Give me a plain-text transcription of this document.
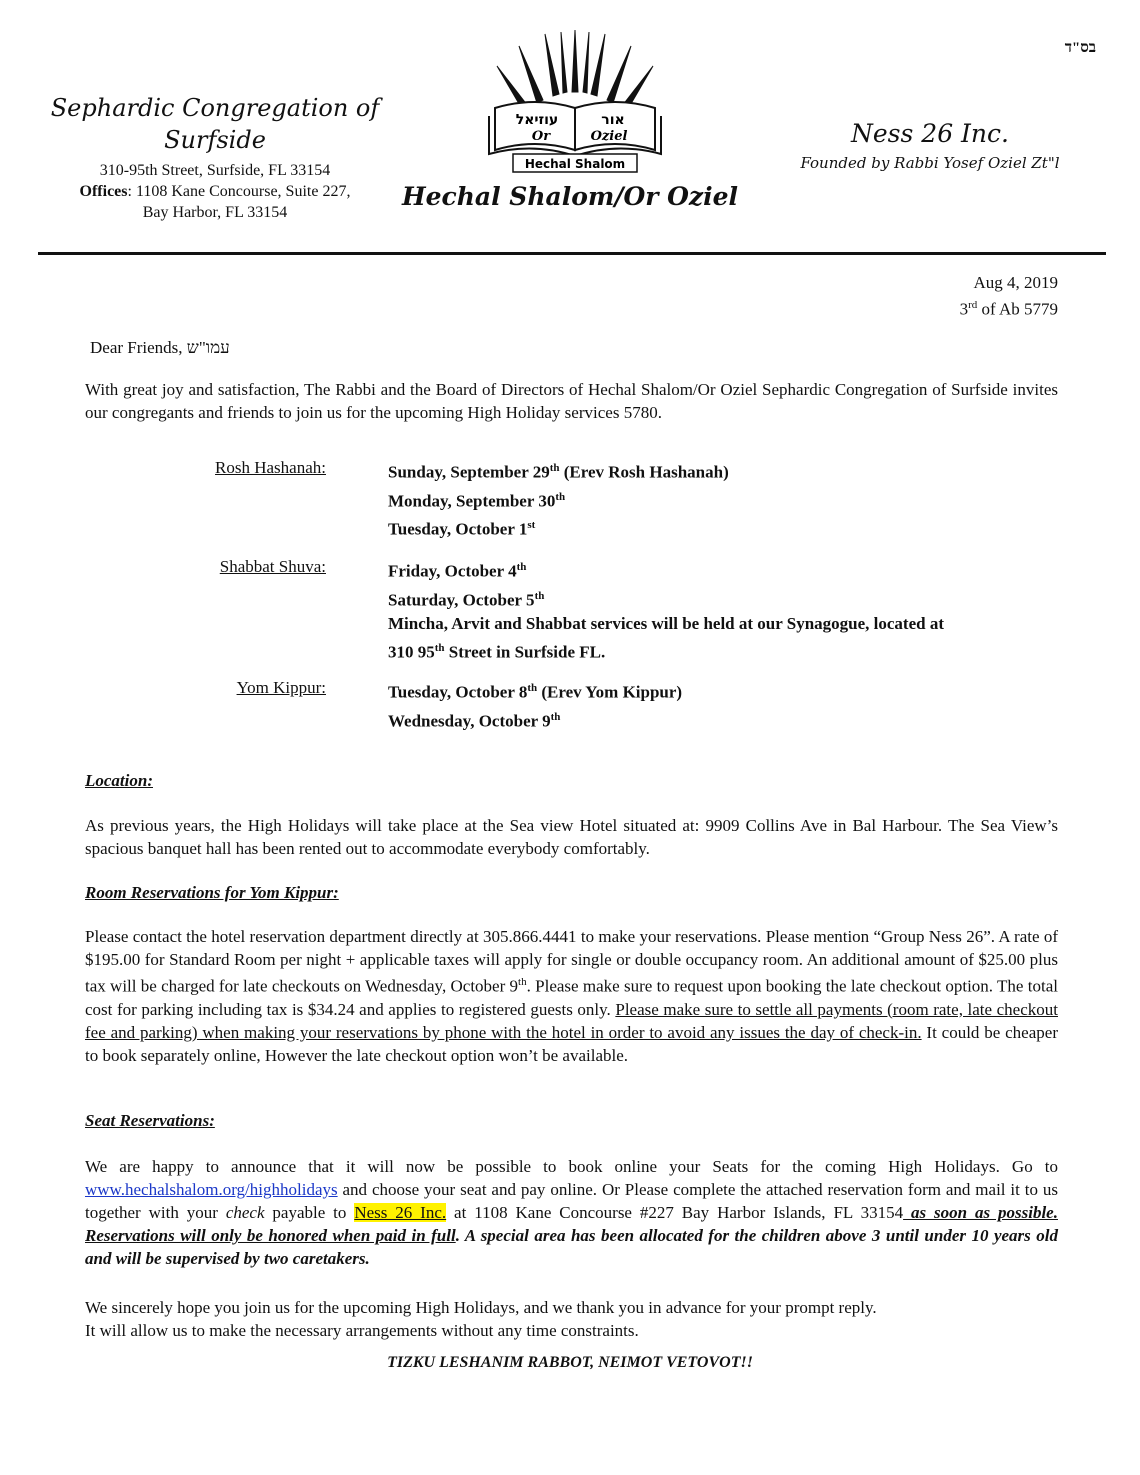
בס"ד
Sephardic Congregation of
Surfside
310-95th Street, Surfside, FL 33154
Offices: 1108 Kane Concourse, Suite 227,
Bay Harbor, FL 33154
עוזיאל	אור
Or	Oziel
Hechal Shalom
Hechal Shalom/Or Oziel
Ness 26 Inc.
Founded by Rabbi Yosef Oziel Zt"l
Aug 4, 2019
3rd of Ab 5779
Dear Friends, עמו"ש
With great joy and satisfaction, The Rabbi and the Board of Directors of Hechal Shalom/Or Oziel Sephardic Congregation of Surfside invites our congregants and friends to join us for the upcoming High Holiday services 5780.
Rosh Hashanah:	Sunday, September 29th (Erev Rosh Hashanah)
Monday, September 30th
Tuesday, October 1st
Shabbat Shuva:	Friday, October 4th
Saturday, October 5th
Mincha, Arvit and Shabbat services will be held at our Synagogue, located at
310 95th Street in Surfside FL.
Yom Kippur:	Tuesday, October 8th (Erev Yom Kippur)
Wednesday, October 9th
Location:
As previous years, the High Holidays will take place at the Sea view Hotel situated at: 9909 Collins Ave in Bal Harbour. The Sea View’s spacious banquet hall has been rented out to accommodate everybody comfortably.
Room Reservations for Yom Kippur:
Please contact the hotel reservation department directly at 305.866.4441 to make your reservations. Please mention “Group Ness 26”. A rate of $195.00 for Standard Room per night + applicable taxes will apply for single or double occupancy room. An additional amount of $25.00 plus tax will be charged for late checkouts on Wednesday, October 9th. Please make sure to request upon booking the late checkout option. The total cost for parking including tax is $34.24 and applies to registered guests only. Please make sure to settle all payments (room rate, late checkout fee and parking) when making your reservations by phone with the hotel in order to avoid any issues the day of check-in. It could be cheaper to book separately online, However the late checkout option won’t be available.
Seat Reservations:
We are happy to announce that it will now be possible to book online your Seats for the coming High Holidays. Go to www.hechalshalom.org/highholidays and choose your seat and pay online. Or Please complete the attached reservation form and mail it to us together with your check payable to Ness 26 Inc. at 1108 Kane Concourse #227 Bay Harbor Islands, FL 33154 as soon as possible. Reservations will only be honored when paid in full. A special area has been allocated for the children above 3 until under 10 years old and will be supervised by two caretakers.
We sincerely hope you join us for the upcoming High Holidays, and we thank you in advance for your prompt reply.
It will allow us to make the necessary arrangements without any time constraints.
TIZKU LESHANIM RABBOT, NEIMOT VETOVOT!!
